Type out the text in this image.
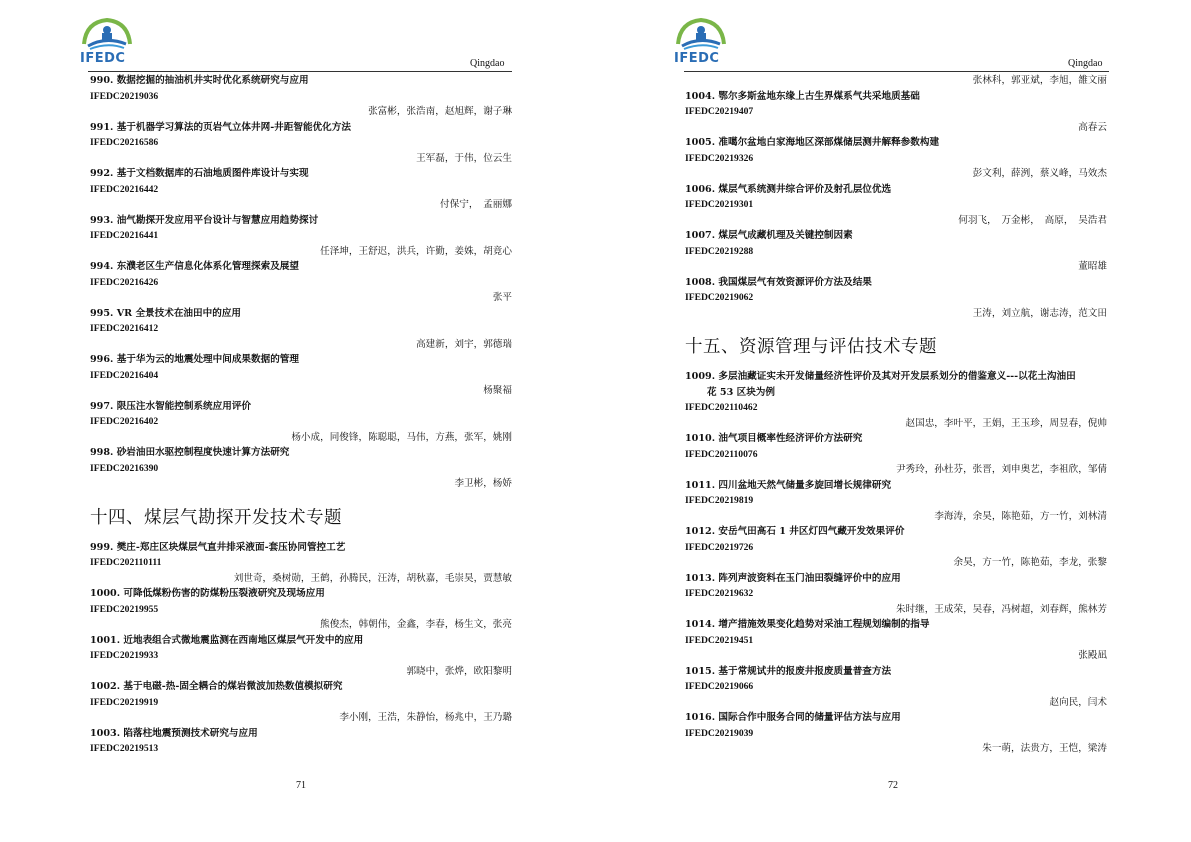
IFEDC	Qingdao
990. 数据挖掘的抽油机井实时优化系统研究与应用
IFEDC20219036
张富彬，张浩南，赵旭辉，谢子琳
991. 基于机器学习算法的页岩气立体井网-井距智能优化方法
IFEDC20216586
王军磊，于伟，位云生
992. 基于文档数据库的石油地质图件库设计与实现
IFEDC20216442
付保宁，　孟丽娜
993. 油气勘探开发应用平台设计与智慧应用趋势探讨
IFEDC20216441
任泽坤，王舒迟，洪兵，许勤，姜姝，胡竟心
994. 东濮老区生产信息化体系化管理探索及展望
IFEDC20216426
张平
995. VR 全景技术在油田中的应用
IFEDC20216412
高建新，刘宇，郭德瑞
996. 基于华为云的地震处理中间成果数据的管理
IFEDC20216404
杨聚福
997. 限压注水智能控制系统应用评价
IFEDC20216402
杨小成，同俊锋，陈聪聪，马伟，方燕，张军，姚刚
998. 砂岩油田水驱控制程度快速计算方法研究
IFEDC20216390
李卫彬，杨娇
十四、煤层气勘探开发技术专题
999. 樊庄-郑庄区块煤层气直井排采液面-套压协同管控工艺
IFEDC202110111
刘世奇，桑树勋，王鹤，孙腾民，汪涛，胡秋嘉，毛崇昊，贾慧敏
1000. 可降低煤粉伤害的防煤粉压裂液研究及现场应用
IFEDC20219955
熊俊杰，韩朝伟，金鑫，李春，杨生文，张亮
1001. 近地表组合式微地震监测在西南地区煤层气开发中的应用
IFEDC20219933
郭晓中，张烨，欧阳黎明
1002. 基于电磁-热-固全耦合的煤岩微波加热数值模拟研究
IFEDC20219919
李小刚，王浩，朱静怡，杨兆中，王乃璐
1003. 陷落柱地震预测技术研究与应用
IFEDC20219513
71
IFEDC	Qingdao
张林科，郭亚斌，李旭，雒文丽
1004. 鄂尔多斯盆地东缘上古生界煤系气共采地质基础
IFEDC20219407
高春云
1005. 准噶尔盆地白家海地区深部煤储层测井解释参数构建
IFEDC20219326
彭文利，薛洌，蔡义峰，马效杰
1006. 煤层气系统测井综合评价及射孔层位优选
IFEDC20219301
何羽飞，　万金彬，　高原，　吴浩君
1007. 煤层气成藏机理及关键控制因素
IFEDC20219288
董昭雄
1008. 我国煤层气有效资源评价方法及结果
IFEDC20219062
王涛，刘立航，谢志涛，范文田
十五、资源管理与评估技术专题
1009. 多层油藏证实未开发储量经济性评价及其对开发层系划分的借鉴意义---以花土沟油田
花 53 区块为例
IFEDC202110462
赵国忠，李叶平，王娟，王玉珍，周昱春，倪帅
1010. 油气项目概率性经济评价方法研究
IFEDC202110076
尹秀玲，孙杜芬，张晋，刘申奥艺，李祖欣，邹倩
1011. 四川盆地天然气储量多旋回增长规律研究
IFEDC20219819
李海涛，余昊，陈艳茹，方一竹，刘林清
1012. 安岳气田高石 1 井区灯四气藏开发效果评价
IFEDC20219726
余昊，方一竹，陈艳茹，李龙，张黎
1013. 阵列声波资料在玉门油田裂缝评价中的应用
IFEDC20219632
朱时继，王成荣，吴春，冯树超，刘春辉，熊林芳
1014. 增产措施效果变化趋势对采油工程规划编制的指导
IFEDC20219451
张殿凪
1015. 基于常规试井的报废井报废质量普查方法
IFEDC20219066
赵向民，闫术
1016. 国际合作中服务合同的储量评估方法与应用
IFEDC20219039
朱一萌，法贵方，王恺，梁涛
72
